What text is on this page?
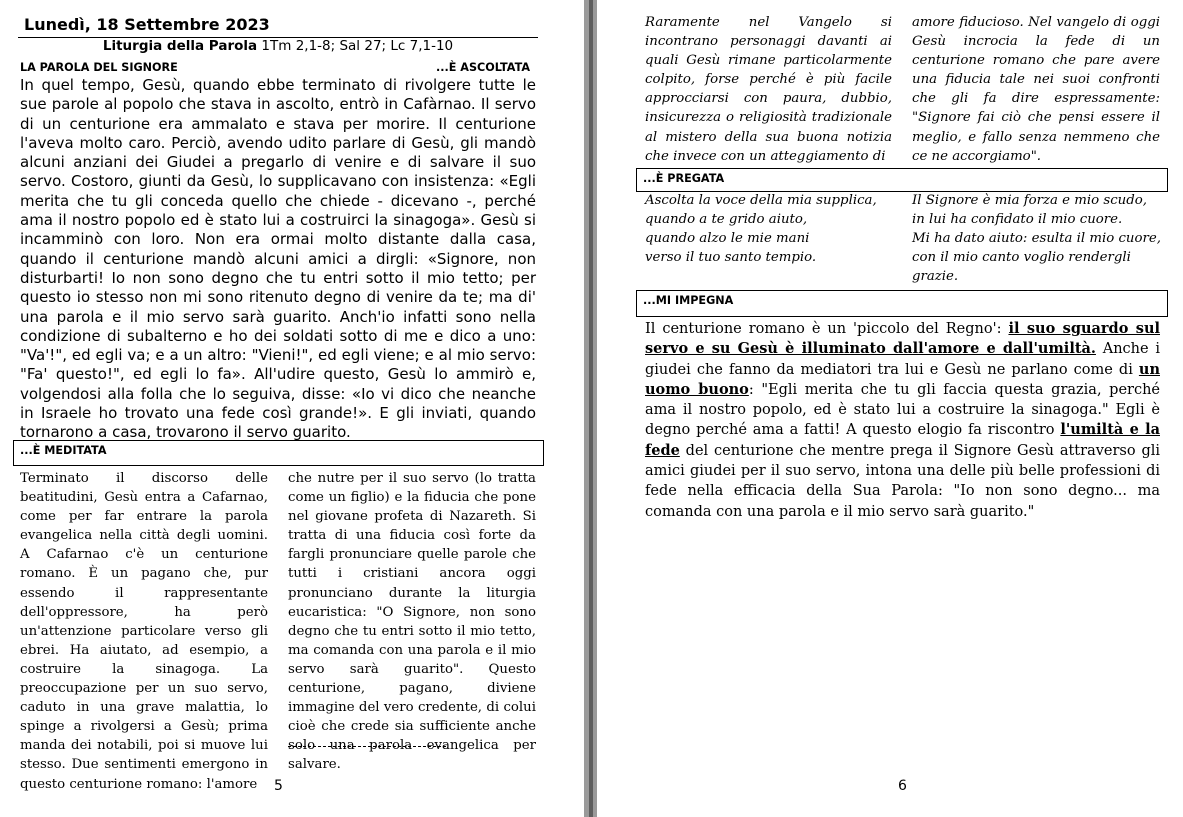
Lunedì, 18 Settembre 2023
Liturgia della Parola 1Tm 2,1-8; Sal 27; Lc 7,1-10
LA PAROLA DEL SIGNORE	...È ASCOLTATA
In quel tempo, Gesù, quando ebbe terminato di rivolgere tutte le sue parole al popolo che stava in ascolto, entrò in Cafàrnao. Il servo di un centurione era ammalato e stava per morire. Il centurione l'aveva molto caro. Perciò, avendo udito parlare di Gesù, gli mandò alcuni anziani dei Giudei a pregarlo di venire e di salvare il suo servo. Costoro, giunti da Gesù, lo supplicavano con insistenza: «Egli merita che tu gli conceda quello che chiede - dicevano -, perché ama il nostro popolo ed è stato lui a costruirci la sinagoga». Gesù si incamminò con loro. Non era ormai molto distante dalla casa, quando il centurione mandò alcuni amici a dirgli: «Signore, non disturbarti! Io non sono degno che tu entri sotto il mio tetto; per questo io stesso non mi sono ritenuto degno di venire da te; ma di' una parola e il mio servo sarà guarito. Anch'io infatti sono nella condizione di subalterno e ho dei soldati sotto di me e dico a uno: "Va'!", ed egli va; e a un altro: "Vieni!", ed egli viene; e al mio servo: "Fa' questo!", ed egli lo fa». All'udire questo, Gesù lo ammirò e, volgendosi alla folla che lo seguiva, disse: «Io vi dico che neanche in Israele ho trovato una fede così grande!». E gli inviati, quando tornarono a casa, trovarono il servo guarito.
...È MEDITATA
Terminato il discorso delle beatitudini, Gesù entra a Cafarnao, come per far entrare la parola evangelica nella città degli uomini. A Cafarnao c'è un centurione romano. È un pagano che, pur essendo il rappresentante dell'oppressore, ha però un'attenzione particolare verso gli ebrei. Ha aiutato, ad esempio, a costruire la sinagoga. La preoccupazione per un suo servo, caduto in una grave malattia, lo spinge a rivolgersi a Gesù; prima manda dei notabili, poi si muove lui stesso. Due sentimenti emergono in questo centurione romano: l'amore
che nutre per il suo servo (lo tratta come un figlio) e la fiducia che pone nel giovane profeta di Nazareth. Si tratta di una fiducia così forte da fargli pronunciare quelle parole che tutti i cristiani ancora oggi pronunciano durante la liturgia eucaristica: "O Signore, non sono degno che tu entri sotto il mio tetto, ma comanda con una parola e il mio servo sarà guarito". Questo centurione, pagano, diviene immagine del vero credente, di colui cioè che crede sia sufficiente anche solo una parola evangelica per salvare.
5
Raramente nel Vangelo si incontrano personaggi davanti ai quali Gesù rimane particolarmente colpito, forse perché è più facile approcciarsi con paura, dubbio, insicurezza o religiosità tradizionale al mistero della sua buona notizia che invece con un atteggiamento di
amore fiducioso. Nel vangelo di oggi Gesù incrocia la fede di un centurione romano che pare avere una fiducia tale nei suoi confronti che gli fa dire espressamente: "Signore fai ciò che pensi essere il meglio, e fallo senza nemmeno che ce ne accorgiamo".
...È PREGATA
Ascolta la voce della mia supplica,
quando a te grido aiuto,
quando alzo le mie mani
verso il tuo santo tempio.
Il Signore è mia forza e mio scudo,
in lui ha confidato il mio cuore.
Mi ha dato aiuto: esulta il mio cuore,
con il mio canto voglio rendergli
grazie.
...MI IMPEGNA
Il centurione romano è un 'piccolo del Regno': il suo sguardo sul servo e su Gesù è illuminato dall'amore e dall'umiltà. Anche i giudei che fanno da mediatori tra lui e Gesù ne parlano come di un uomo buono: "Egli merita che tu gli faccia questa grazia, perché ama il nostro popolo, ed è stato lui a costruire la sinagoga." Egli è degno perché ama a fatti! A questo elogio fa riscontro l'umiltà e la fede del centurione che mentre prega il Signore Gesù attraverso gli amici giudei per il suo servo, intona una delle più belle professioni di fede nella efficacia della Sua Parola: "Io non sono degno... ma comanda con una parola e il mio servo sarà guarito."
6
